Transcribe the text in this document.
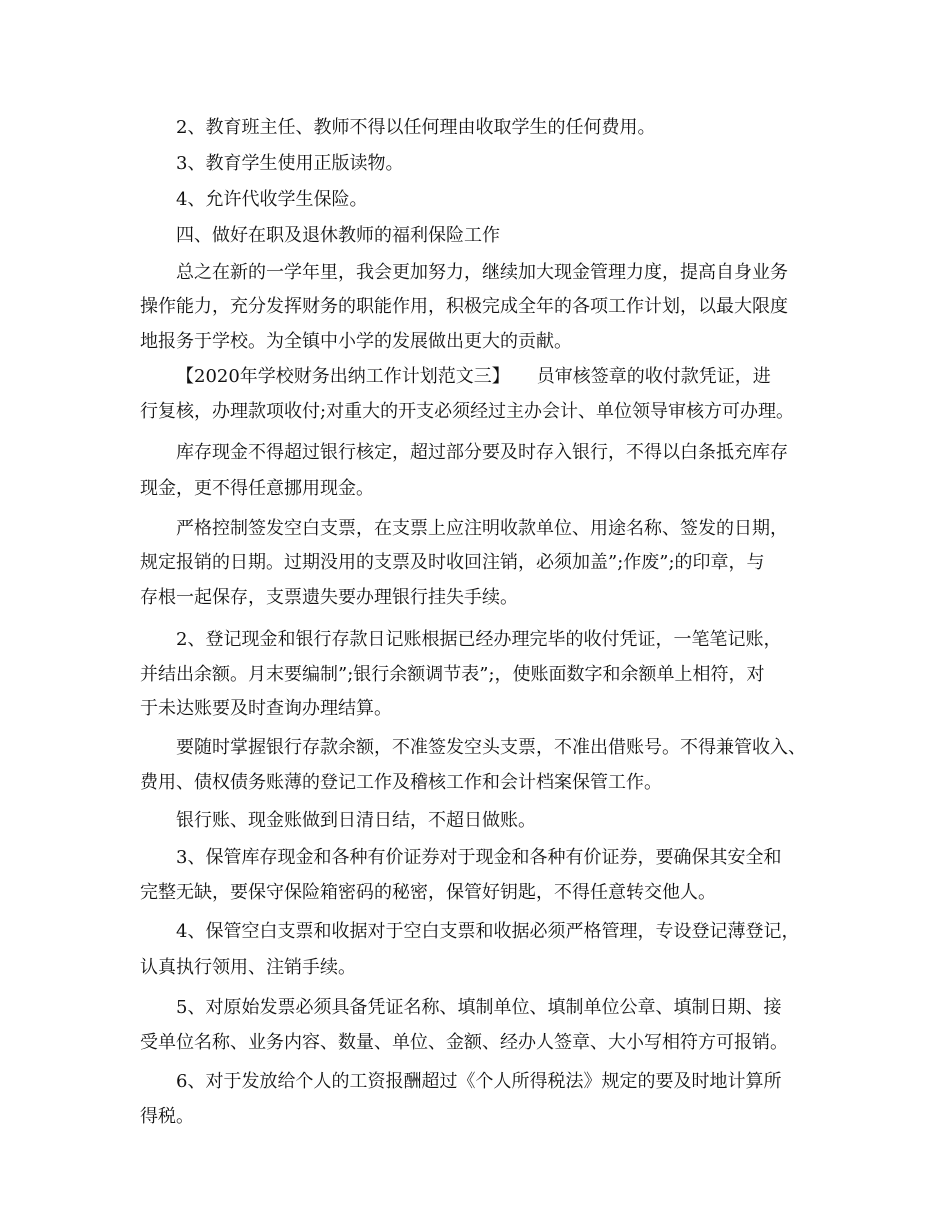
2、教育班主任、教师不得以任何理由收取学生的任何费用。
3、教育学生使用正版读物。
4、允许代收学生保险。
四、做好在职及退休教师的福利保险工作
总之在新的一学年里，我会更加努力，继续加大现金管理力度，提高自身业务
操作能力，充分发挥财务的职能作用，积极完成全年的各项工作计划，以最大限度
地报务于学校。为全镇中小学的发展做出更大的贡献。
【2020年学校财务出纳工作计划范文三】　　员审核签章的收付款凭证，进
行复核，办理款项收付;对重大的开支必须经过主办会计、单位领导审核方可办理。
库存现金不得超过银行核定，超过部分要及时存入银行，不得以白条抵充库存
现金，更不得任意挪用现金。
严格控制签发空白支票，在支票上应注明收款单位、用途名称、签发的日期，
规定报销的日期。过期没用的支票及时收回注销，必须加盖”;作废”;的印章，与
存根一起保存，支票遗失要办理银行挂失手续。
2、登记现金和银行存款日记账根据已经办理完毕的收付凭证，一笔笔记账，
并结出余额。月末要编制”;银行余额调节表”;，使账面数字和余额单上相符，对
于未达账要及时查询办理结算。
要随时掌握银行存款余额，不准签发空头支票，不准出借账号。不得兼管收入、
费用、债权债务账薄的登记工作及稽核工作和会计档案保管工作。
银行账、现金账做到日清日结，不超日做账。
3、保管库存现金和各种有价证券对于现金和各种有价证券，要确保其安全和
完整无缺，要保守保险箱密码的秘密，保管好钥匙，不得任意转交他人。
4、保管空白支票和收据对于空白支票和收据必须严格管理，专设登记薄登记，
认真执行领用、注销手续。
5、对原始发票必须具备凭证名称、填制单位、填制单位公章、填制日期、接
受单位名称、业务内容、数量、单位、金额、经办人签章、大小写相符方可报销。
6、对于发放给个人的工资报酬超过《个人所得税法》规定的要及时地计算所
得税。
